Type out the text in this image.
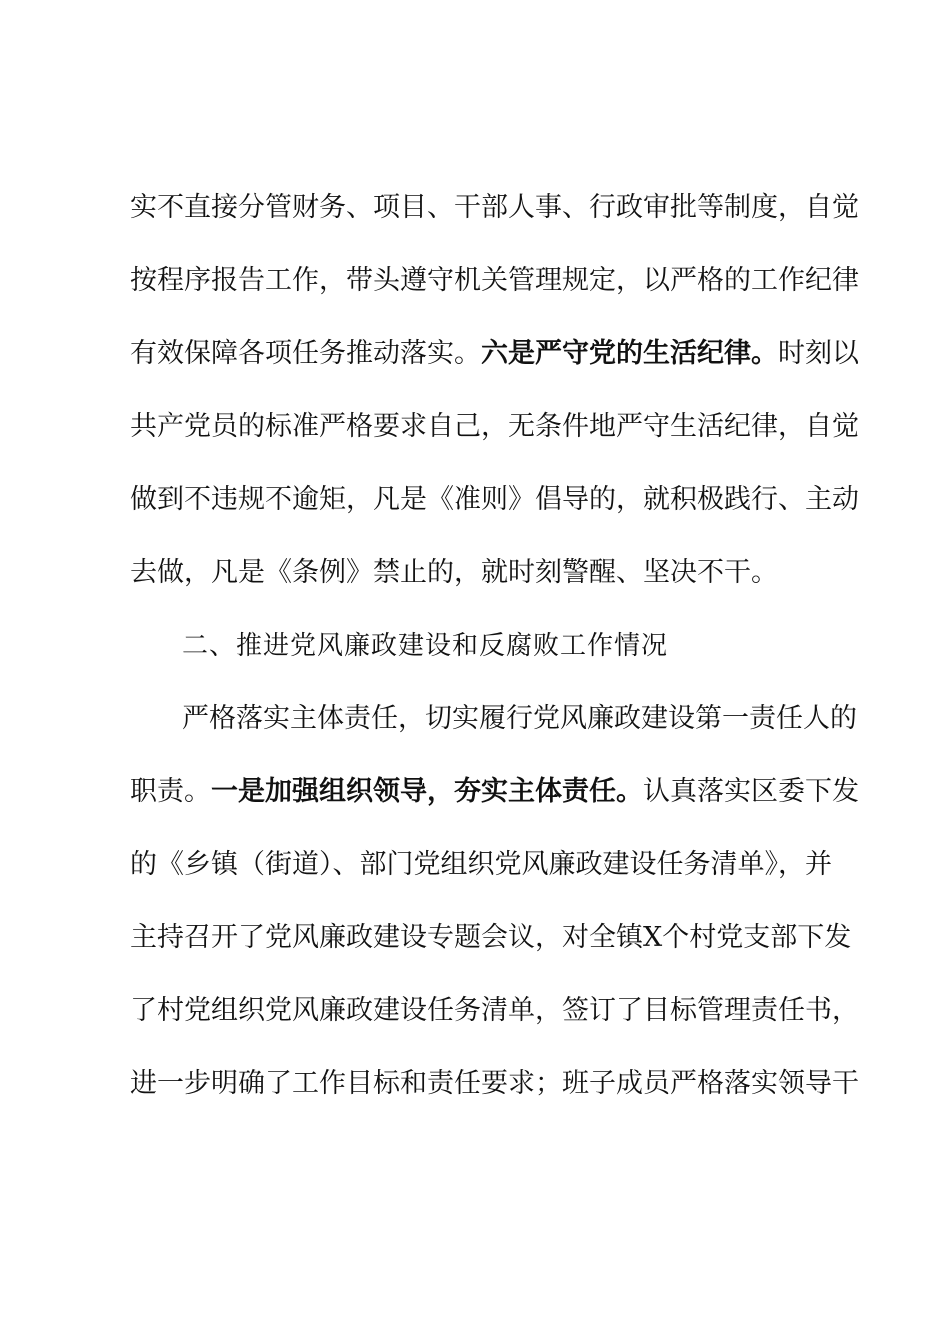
实不直接分管财务、项目、干部人事、行政审批等制度，自觉
按程序报告工作，带头遵守机关管理规定，以严格的工作纪律
有效保障各项任务推动落实。六是严守党的生活纪律。时刻以
共产党员的标准严格要求自己，无条件地严守生活纪律，自觉
做到不违规不逾矩，凡是《准则》倡导的，就积极践行、主动
去做，凡是《条例》禁止的，就时刻警醒、坚决不干。
二、推进党风廉政建设和反腐败工作情况
严格落实主体责任，切实履行党风廉政建设第一责任人的
职责。一是加强组织领导，夯实主体责任。认真落实区委下发
的《乡镇（街道）、部门党组织党风廉政建设任务清单》，并
主持召开了党风廉政建设专题会议，对全镇X个村党支部下发
了村党组织党风廉政建设任务清单，签订了目标管理责任书，
进一步明确了工作目标和责任要求；班子成员严格落实领导干
